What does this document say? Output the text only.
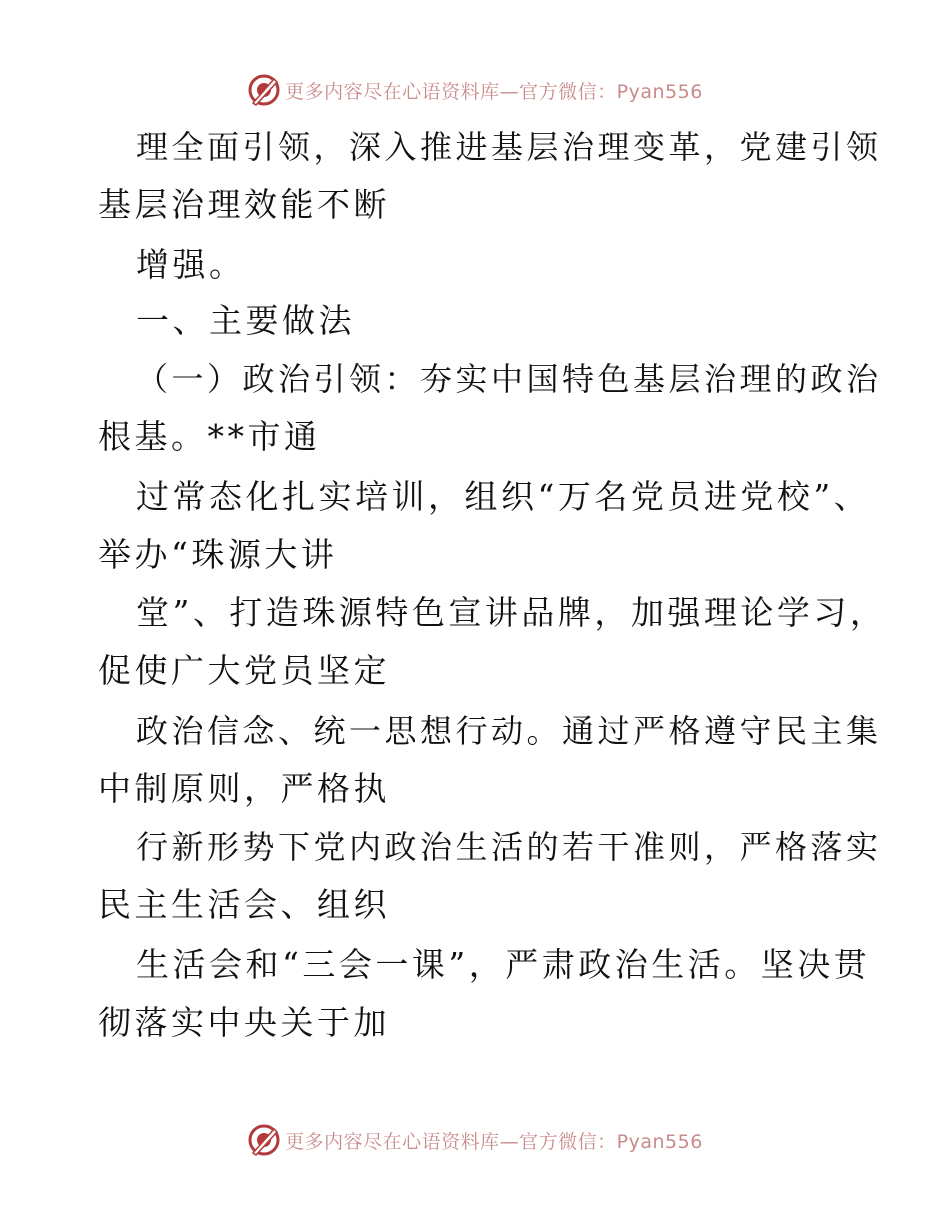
更多内容尽在心语资料库—官方微信：Pyan556
理全面引领，深入推进基层治理变革，党建引领
基层治理效能不断
增强。
一、主要做法
（一）政治引领：夯实中国特色基层治理的政治
根基。**市通
过常态化扎实培训，组织“万名党员进党校”、
举办“珠源大讲
堂”、打造珠源特色宣讲品牌，加强理论学习，
促使广大党员坚定
政治信念、统一思想行动。通过严格遵守民主集
中制原则，严格执
行新形势下党内政治生活的若干准则，严格落实
民主生活会、组织
生活会和“三会一课”，严肃政治生活。坚决贯
彻落实中央关于加
更多内容尽在心语资料库—官方微信：Pyan556
